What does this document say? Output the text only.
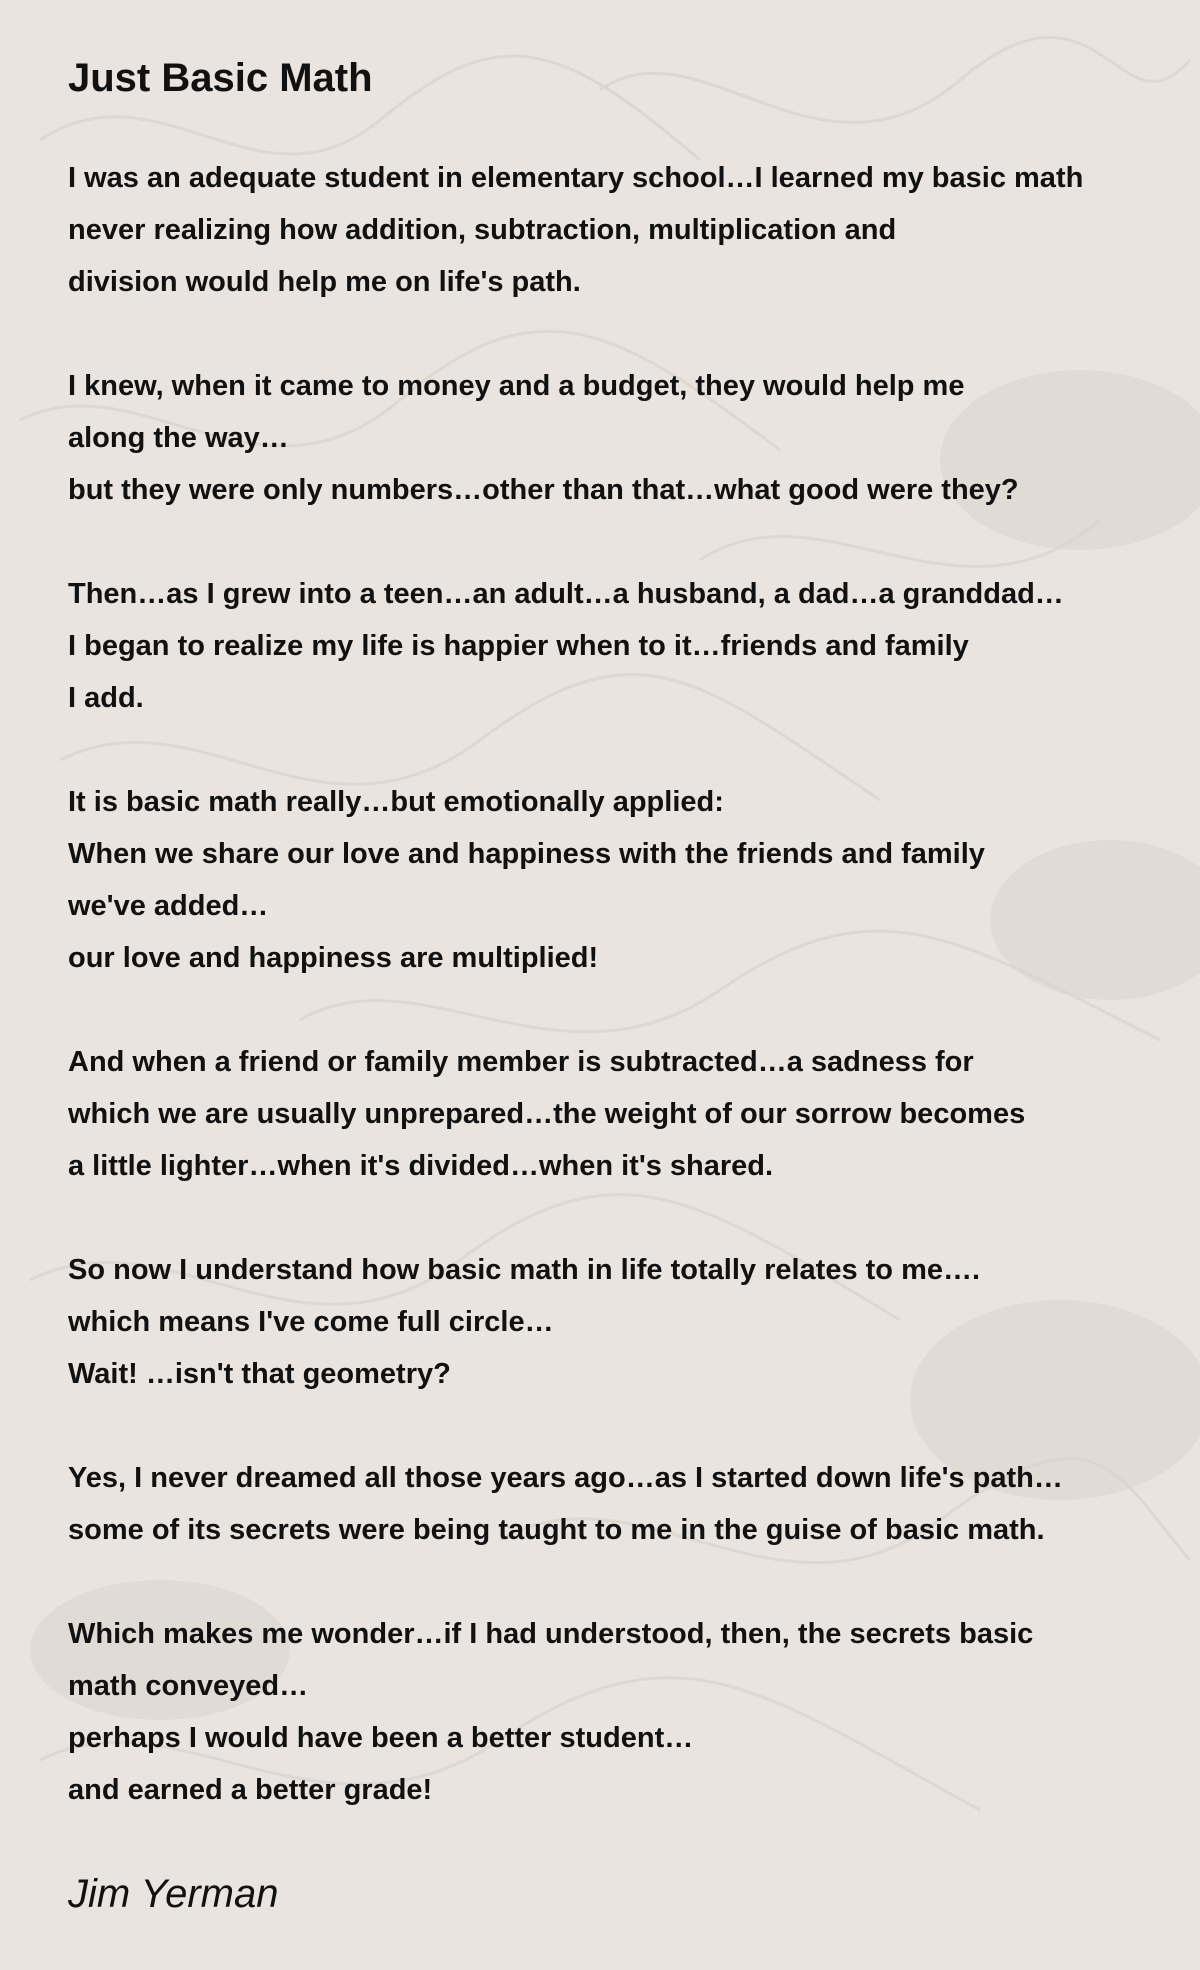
Just Basic Math
I was an adequate student in elementary school…I learned my basic math
never realizing how addition, subtraction, multiplication and
division would help me on life's path.
I knew, when it came to money and a budget, they would help me
along the way…
but they were only numbers…other than that…what good were they?
Then…as I grew into a teen…an adult…a husband, a dad…a granddad…
I began to realize my life is happier when to it…friends and family
I add.
It is basic math really…but emotionally applied:
When we share our love and happiness with the friends and family
we've added…
our love and happiness are multiplied!
And when a friend or family member is subtracted…a sadness for
which we are usually unprepared…the weight of our sorrow becomes
a little lighter…when it's divided…when it's shared.
So now I understand how basic math in life totally relates to me….
which means I've come full circle…
Wait! …isn't that geometry?
Yes, I never dreamed all those years ago…as I started down life's path…
some of its secrets were being taught to me in the guise of basic math.
Which makes me wonder…if I had understood, then, the secrets basic
math conveyed…
perhaps I would have been a better student…
and earned a better grade!
Jim Yerman
